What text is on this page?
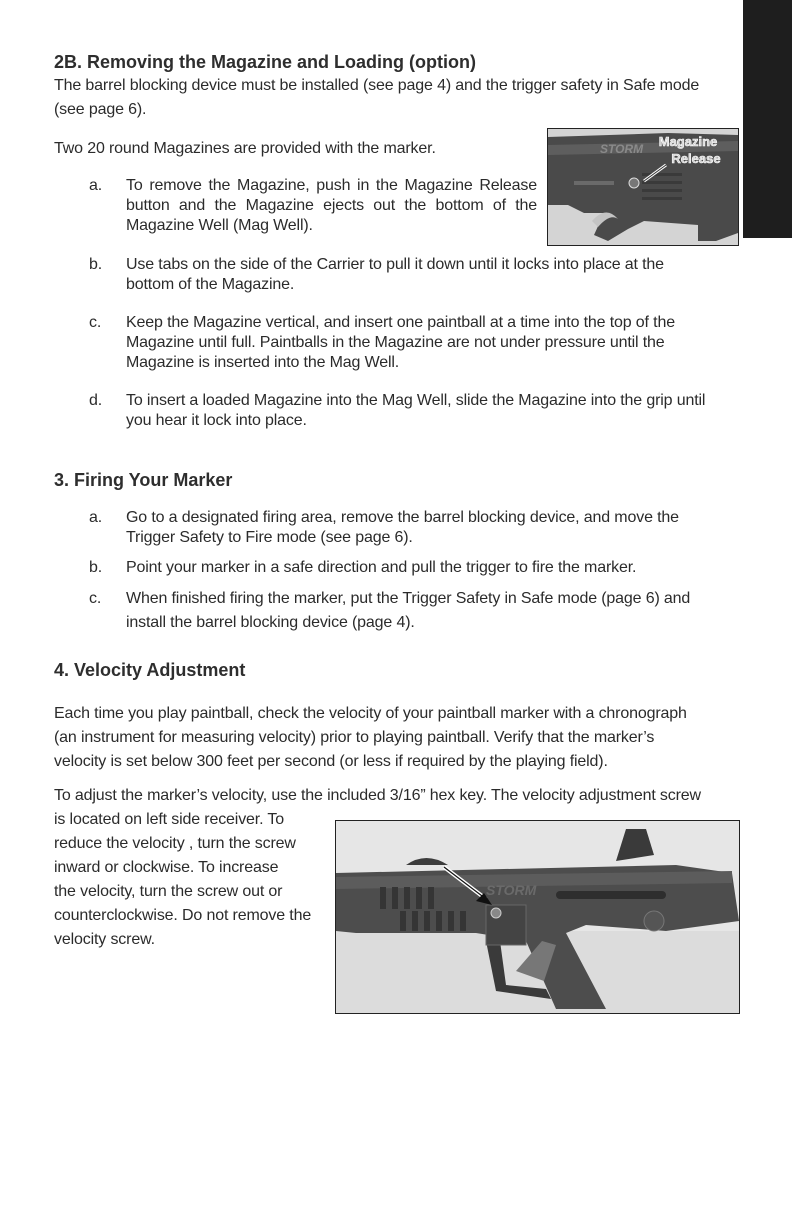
2B. Removing the Magazine and Loading (option)

The barrel blocking device must be installed (see page 4) and the trigger safety in Safe mode

(see page 6).

Two 20 round Magazines are provided with the marker.

a. To remove the Magazine, push in the Magazine Release
button and the Magazine ejects out the bottom of the
Magazine Well (Mag Well).
b. Use tabs on the side of the Carrier to pull it down until it locks into place at the
bottom of the Magazine.
c. Keep the Magazine vertical, and insert one paintball at a time into the top of the
Magazine until full. Paintballs in the Magazine are not under pressure until the
Magazine is inserted into the Mag Well.
d. To insert a loaded Magazine into the Mag Well, slide the Magazine into the grip until
you hear it lock into place.
STORM Magazine
Release
3. Firing Your Marker
a. Go to a designated firing area, remove the barrel blocking device, and move the
Trigger Safety to Fire mode (see page 6).
b. Point your marker in a safe direction and pull the trigger to fire the marker.
c. When finished firing the marker, put the Trigger Safety in Safe mode (page 6) and
install the barrel blocking device (page 4).
4. Velocity Adjustment

Each time you play paintball, check the velocity of your paintball marker with a chronograph

(an instrument for measuring velocity) prior to playing paintball. Verify that the marker’s

velocity is set below 300 feet per second (or less if required by the playing field).

To adjust the marker’s velocity, use the included 3/16” hex key. The velocity adjustment screw

is located on left side receiver. To
reduce the velocity , turn the screw
inward or clockwise. To increase
the velocity, turn the screw out or
counterclockwise. Do not remove the
velocity screw.
STORM
